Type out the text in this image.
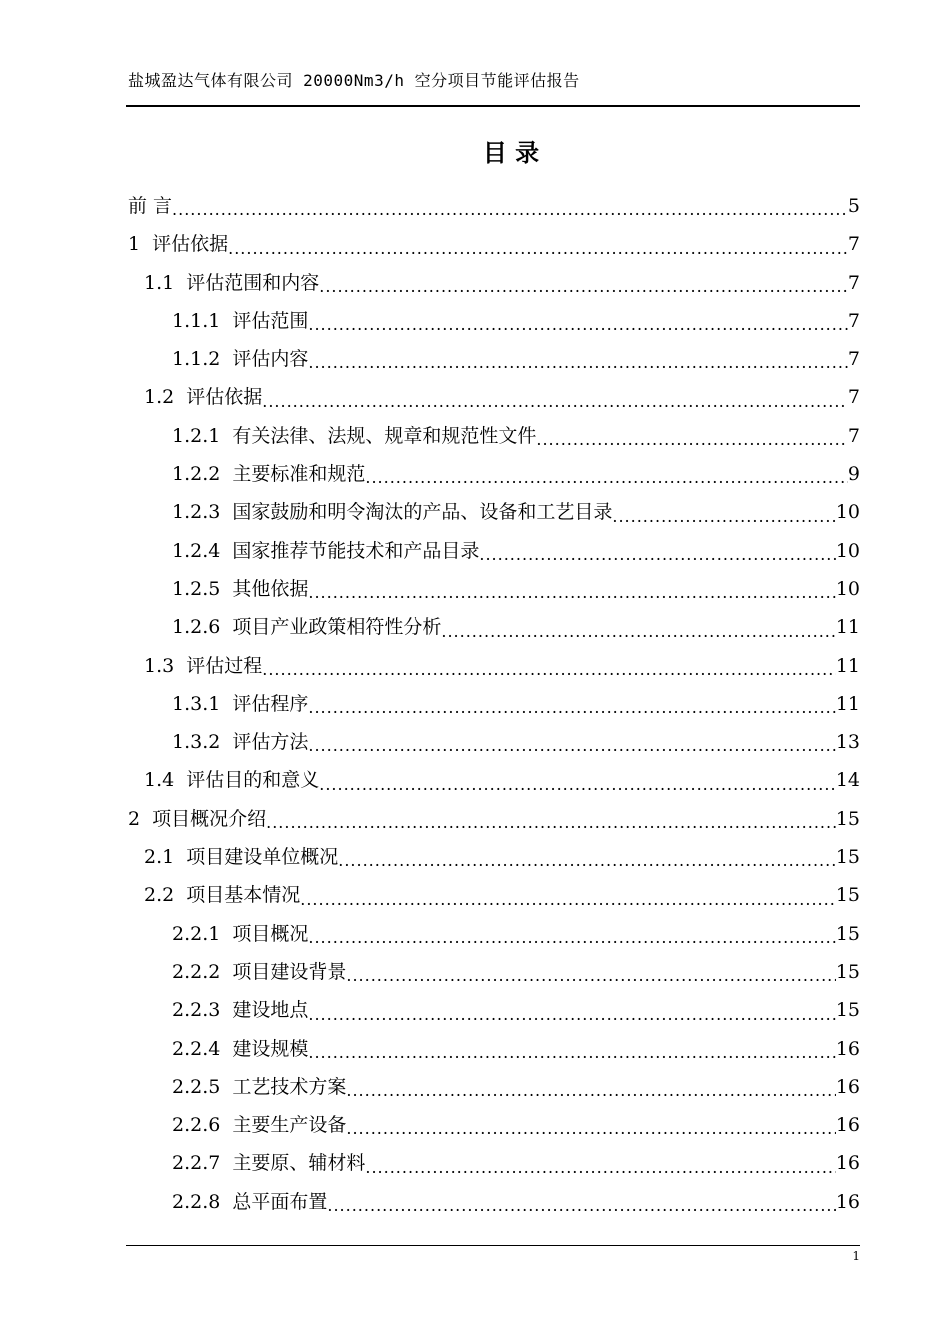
盐城盈达气体有限公司 20000Nm3/h 空分项目节能评估报告
目 录
前 言 .....	5
1 评估依据 .....	7
1.1 评估范围和内容 .....	7
1.1.1 评估范围 .....	7
1.1.2 评估内容 .....	7
1.2 评估依据 .....	7
1.2.1 有关法律、法规、规章和规范性文件 .....	7
1.2.2 主要标准和规范 .....	9
1.2.3 国家鼓励和明令淘汰的产品、设备和工艺目录 .....	10
1.2.4 国家推荐节能技术和产品目录 .....	10
1.2.5 其他依据 .....	10
1.2.6 项目产业政策相符性分析 .....	11
1.3 评估过程 .....	11
1.3.1 评估程序 .....	11
1.3.2 评估方法 .....	13
1.4 评估目的和意义 .....	14
2 项目概况介绍 .....	15
2.1 项目建设单位概况 .....	15
2.2 项目基本情况 .....	15
2.2.1 项目概况 .....	15
2.2.2 项目建设背景 .....	15
2.2.3 建设地点 .....	15
2.2.4 建设规模 .....	16
2.2.5 工艺技术方案 .....	16
2.2.6 主要生产设备 .....	16
2.2.7 主要原、辅材料 .....	16
2.2.8 总平面布置 .....	16
1
